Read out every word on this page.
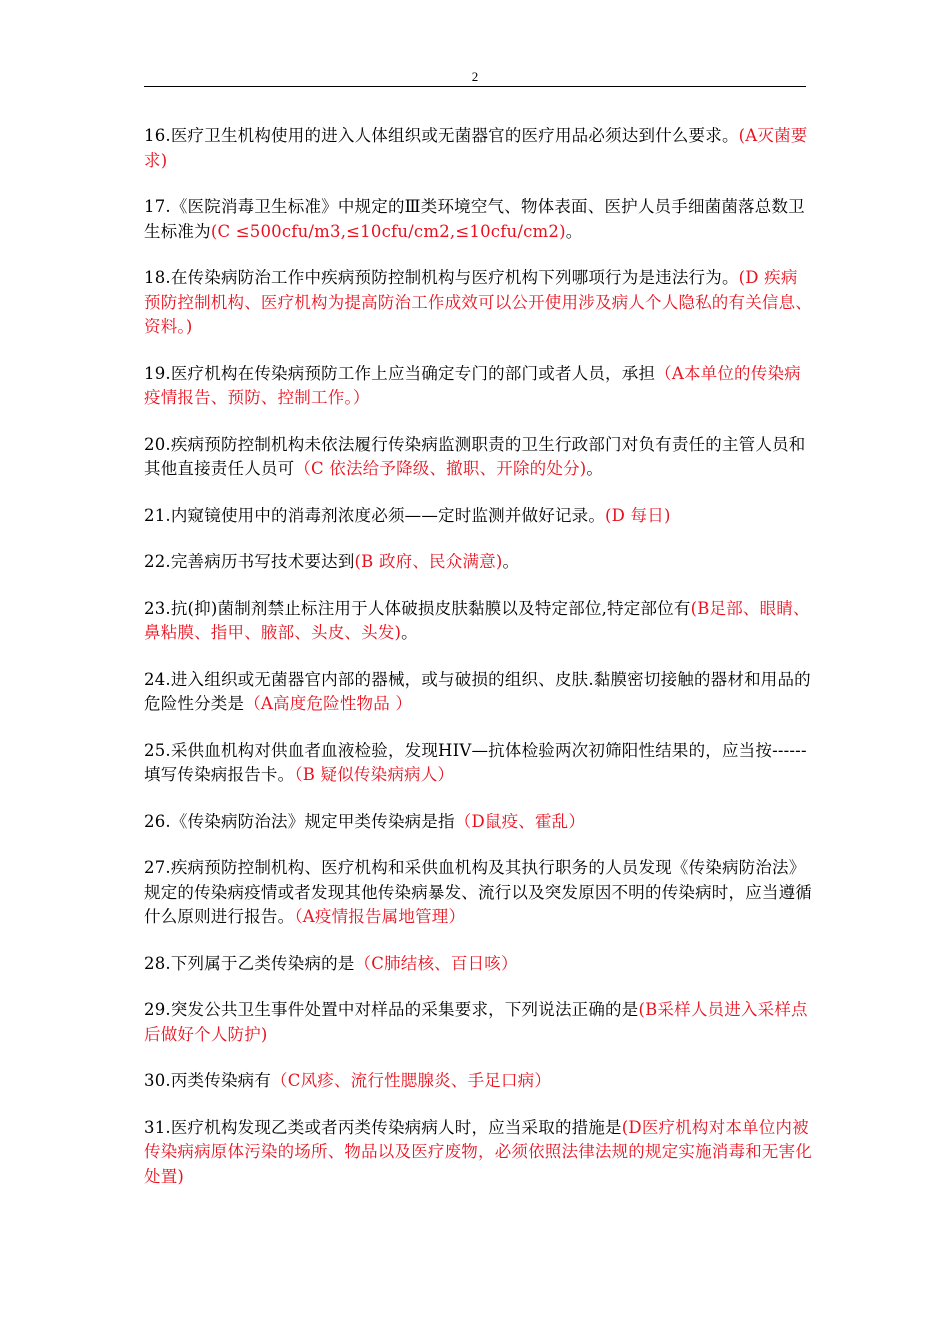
2

16.医疗卫生机构使用的进入人体组织或无菌器官的医疗用品必须达到什么要求。(A灭菌要求)

17.《医院消毒卫生标准》中规定的Ⅲ类环境空气、物体表面、医护人员手细菌菌落总数卫生标准为(C ≤500cfu/m3,≤10cfu/cm2,≤10cfu/cm2)。

18.在传染病防治工作中疾病预防控制机构与医疗机构下列哪项行为是违法行为。(D 疾病预防控制机构、医疗机构为提高防治工作成效可以公开使用涉及病人个人隐私的有关信息、资料。)

19.医疗机构在传染病预防工作上应当确定专门的部门或者人员，承担（A本单位的传染病疫情报告、预防、控制工作。）

20.疾病预防控制机构未依法履行传染病监测职责的卫生行政部门对负有责任的主管人员和其他直接责任人员可（C 依法给予降级、撤职、开除的处分)。

21.内窥镜使用中的消毒剂浓度必须——定时监测并做好记录。(D 每日)

22.完善病历书写技术要达到(B 政府、民众满意)。

23.抗(抑)菌制剂禁止标注用于人体破损皮肤黏膜以及特定部位,特定部位有(B足部、眼睛、鼻粘膜、指甲、腋部、头皮、头发)。

24.进入组织或无菌器官内部的器械，或与破损的组织、皮肤.黏膜密切接触的器材和用品的危险性分类是（A高度危险性物品 ）

25.采供血机构对供血者血液检验，发现HIV—抗体检验两次初筛阳性结果的，应当按------填写传染病报告卡。（B 疑似传染病病人）

26.《传染病防治法》规定甲类传染病是指（D鼠疫、霍乱）

27.疾病预防控制机构、医疗机构和采供血机构及其执行职务的人员发现《传染病防治法》规定的传染病疫情或者发现其他传染病暴发、流行以及突发原因不明的传染病时，应当遵循什么原则进行报告。（A疫情报告属地管理）

28.下列属于乙类传染病的是（C肺结核、百日咳）

29.突发公共卫生事件处置中对样品的采集要求，下列说法正确的是(B采样人员进入采样点后做好个人防护)

30.丙类传染病有（C风疹、流行性腮腺炎、手足口病）

31.医疗机构发现乙类或者丙类传染病病人时，应当采取的措施是(D医疗机构对本单位内被传染病病原体污染的场所、物品以及医疗废物，必须依照法律法规的规定实施消毒和无害化处置)
